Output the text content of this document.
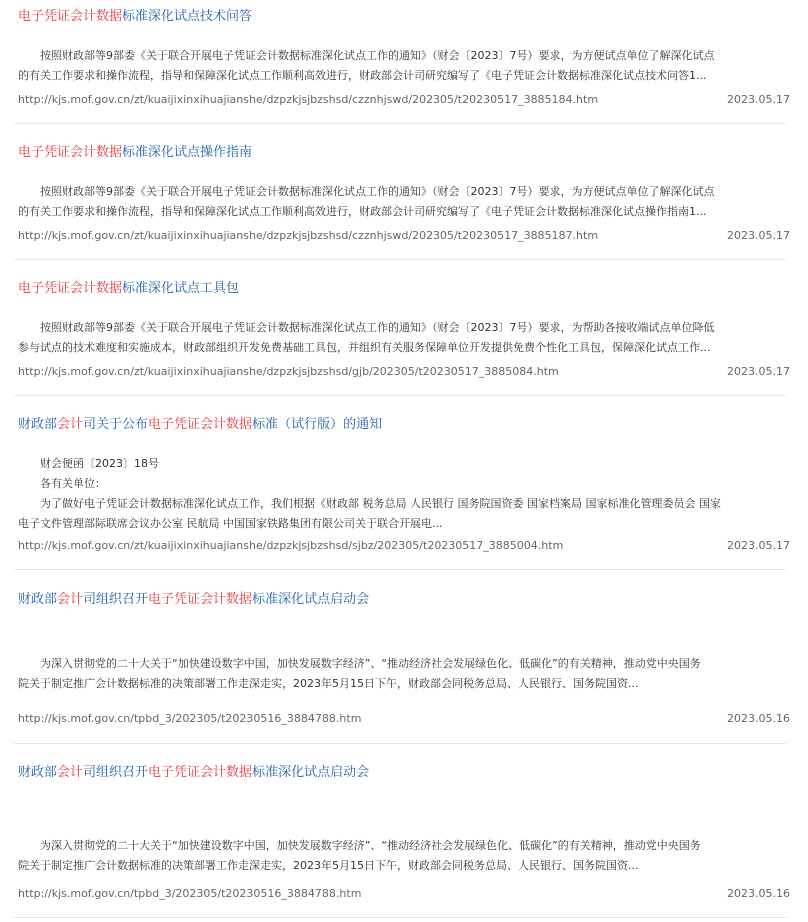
电子凭证会计数据标准深化试点技术问答
　　按照财政部等9部委《关于联合开展电子凭证会计数据标准深化试点工作的通知》（财会〔2023〕7号）要求，为方便试点单位了解深化试点
的有关工作要求和操作流程，指导和保障深化试点工作顺利高效进行，财政部会计司研究编写了《电子凭证会计数据标准深化试点技术问答1...
http://kjs.mof.gov.cn/zt/kuaijixinxihuajianshe/dzpzkjsjbzshsd/czznhjswd/202305/t20230517_3885184.htm	2023.05.17
电子凭证会计数据标准深化试点操作指南
　　按照财政部等9部委《关于联合开展电子凭证会计数据标准深化试点工作的通知》（财会〔2023〕7号）要求，为方便试点单位了解深化试点
的有关工作要求和操作流程，指导和保障深化试点工作顺利高效进行，财政部会计司研究编写了《电子凭证会计数据标准深化试点操作指南1...
http://kjs.mof.gov.cn/zt/kuaijixinxihuajianshe/dzpzkjsjbzshsd/czznhjswd/202305/t20230517_3885187.htm	2023.05.17
电子凭证会计数据标准深化试点工具包
　　按照财政部等9部委《关于联合开展电子凭证会计数据标准深化试点工作的通知》（财会〔2023〕7号）要求，为帮助各接收端试点单位降低
参与试点的技术难度和实施成本，财政部组织开发免费基础工具包，并组织有关服务保障单位开发提供免费个性化工具包，保障深化试点工作...
http://kjs.mof.gov.cn/zt/kuaijixinxihuajianshe/dzpzkjsjbzshsd/gjb/202305/t20230517_3885084.htm	2023.05.17
财政部会计司关于公布电子凭证会计数据标准（试行版）的通知
　　财会便函〔2023〕18号
　　各有关单位：
　　为了做好电子凭证会计数据标准深化试点工作，我们根据《财政部 税务总局 人民银行 国务院国资委 国家档案局 国家标准化管理委员会 国家
电子文件管理部际联席会议办公室 民航局 中国国家铁路集团有限公司关于联合开展电...
http://kjs.mof.gov.cn/zt/kuaijixinxihuajianshe/dzpzkjsjbzshsd/sjbz/202305/t20230517_3885004.htm	2023.05.17
财政部会计司组织召开电子凭证会计数据标准深化试点启动会
　　为深入贯彻党的二十大关于“加快建设数字中国，加快发展数字经济”、“推动经济社会发展绿色化、低碳化”的有关精神，推动党中央国务
院关于制定推广会计数据标准的决策部署工作走深走实，2023年5月15日下午，财政部会同税务总局、人民银行、国务院国资...
http://kjs.mof.gov.cn/tpbd_3/202305/t20230516_3884788.htm	2023.05.16
财政部会计司组织召开电子凭证会计数据标准深化试点启动会
　　为深入贯彻党的二十大关于“加快建设数字中国，加快发展数字经济”、“推动经济社会发展绿色化、低碳化”的有关精神，推动党中央国务
院关于制定推广会计数据标准的决策部署工作走深走实，2023年5月15日下午，财政部会同税务总局、人民银行、国务院国资...
http://kjs.mof.gov.cn/tpbd_3/202305/t20230516_3884788.htm	2023.05.16
